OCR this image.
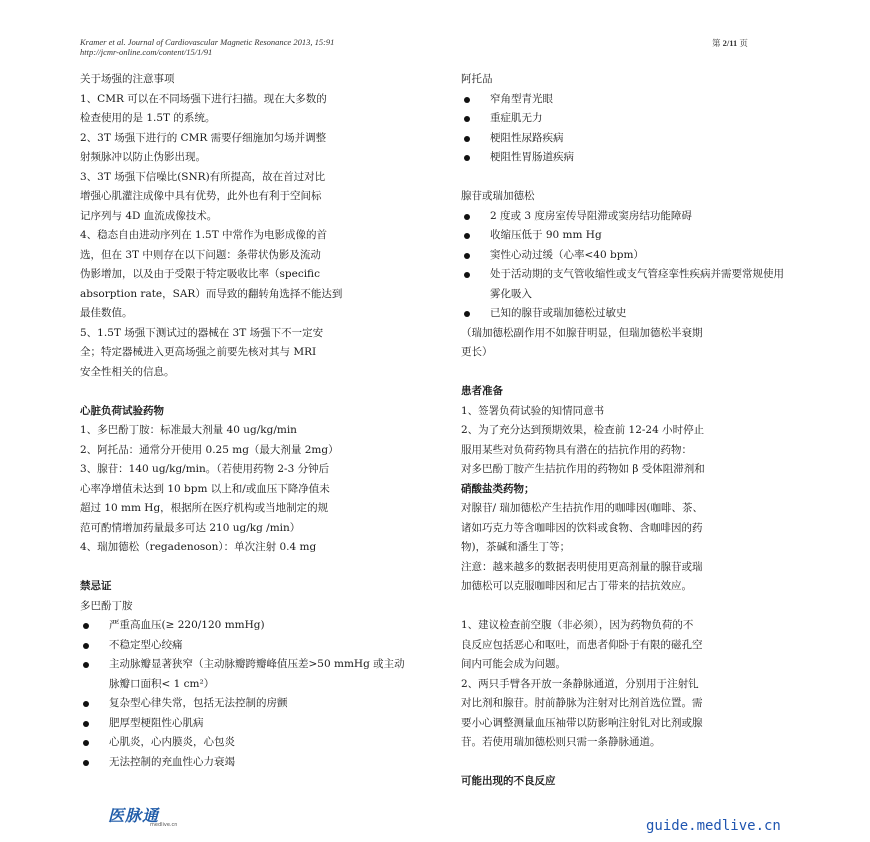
Kramer et al. Journal of Cardiovascular Magnetic Resonance 2013, 15:91
http://jcmr-online.com/content/15/1/91
第 2/11 页

关于场强的注意事项

1、CMR 可以在不同场强下进行扫描。现在大多数的

检查使用的是 1.5T 的系统。

2、3T 场强下进行的 CMR 需要仔细施加匀场并调整

射频脉冲以防止伪影出现。

3、3T 场强下信噪比(SNR)有所提高，故在首过对比

增强心肌灌注成像中具有优势，此外也有利于空间标

记序列与 4D 血流成像技术。

4、稳态自由进动序列在 1.5T 中常作为电影成像的首

选，但在 3T 中则存在以下问题：条带状伪影及流动

伪影增加，以及由于受限于特定吸收比率（specific

absorption rate，SAR）而导致的翻转角选择不能达到

最佳数值。

5、1.5T 场强下测试过的器械在 3T 场强下不一定安

全；特定器械进入更高场强之前要先核对其与 MRI

安全性相关的信息。

心脏负荷试验药物

1、多巴酚丁胺：标准最大剂量 40 ug/kg/min

2、阿托品：通常分开使用 0.25 mg（最大剂量 2mg）

3、腺苷：140 ug/kg/min。（若使用药物 2-3 分钟后

心率净增值未达到 10 bpm 以上和/或血压下降净值未

超过 10 mm Hg，根据所在医疗机构或当地制定的规

范可酌情增加药量最多可达 210 ug/kg /min）

4、瑞加德松（regadenoson）：单次注射 0.4 mg

禁忌证

多巴酚丁胺

严重高血压(≥ 220/120 mmHg)
不稳定型心绞痛
主动脉瓣显著狭窄（主动脉瓣跨瓣峰值压差>50 mmHg 或主动脉瓣口面积< 1 cm²）
复杂型心律失常，包括无法控制的房颤
肥厚型梗阻性心肌病
心肌炎，心内膜炎，心包炎
无法控制的充血性心力衰竭

阿托品

窄角型青光眼
重症肌无力
梗阻性尿路疾病
梗阻性胃肠道疾病

腺苷或瑞加德松

2 度或 3 度房室传导阻滞或窦房结功能障碍
收缩压低于 90 mm Hg
窦性心动过缓（心率<40 bpm）
处于活动期的支气管收缩性或支气管痉挛性疾病并需要常规使用雾化吸入
已知的腺苷或瑞加德松过敏史

（瑞加德松副作用不如腺苷明显，但瑞加德松半衰期

更长）

患者准备

1、签署负荷试验的知情同意书

2、为了充分达到预期效果，检查前 12-24 小时停止

服用某些对负荷药物具有潜在的拮抗作用的药物：

对多巴酚丁胺产生拮抗作用的药物如 β 受体阻滞剂和

硝酸盐类药物；

对腺苷/ 瑞加德松产生拮抗作用的咖啡因(咖啡、茶、

诸如巧克力等含咖啡因的饮料或食物、含咖啡因的药

物)，茶碱和潘生丁等；

注意：越来越多的数据表明使用更高剂量的腺苷或瑞

加德松可以克服咖啡因和尼古丁带来的拮抗效应。

1、建议检查前空腹（非必须），因为药物负荷的不

良反应包括恶心和呕吐，而患者仰卧于有限的磁孔空

间内可能会成为问题。

2、两只手臂各开放一条静脉通道，分别用于注射钆

对比剂和腺苷。肘前静脉为注射对比剂首选位置。需

要小心调整测量血压袖带以防影响注射钆对比剂或腺

苷。若使用瑞加德松则只需一条静脉通道。

可能出现的不良反应

医脉通
medlive.cn	guide.medlive.cn
